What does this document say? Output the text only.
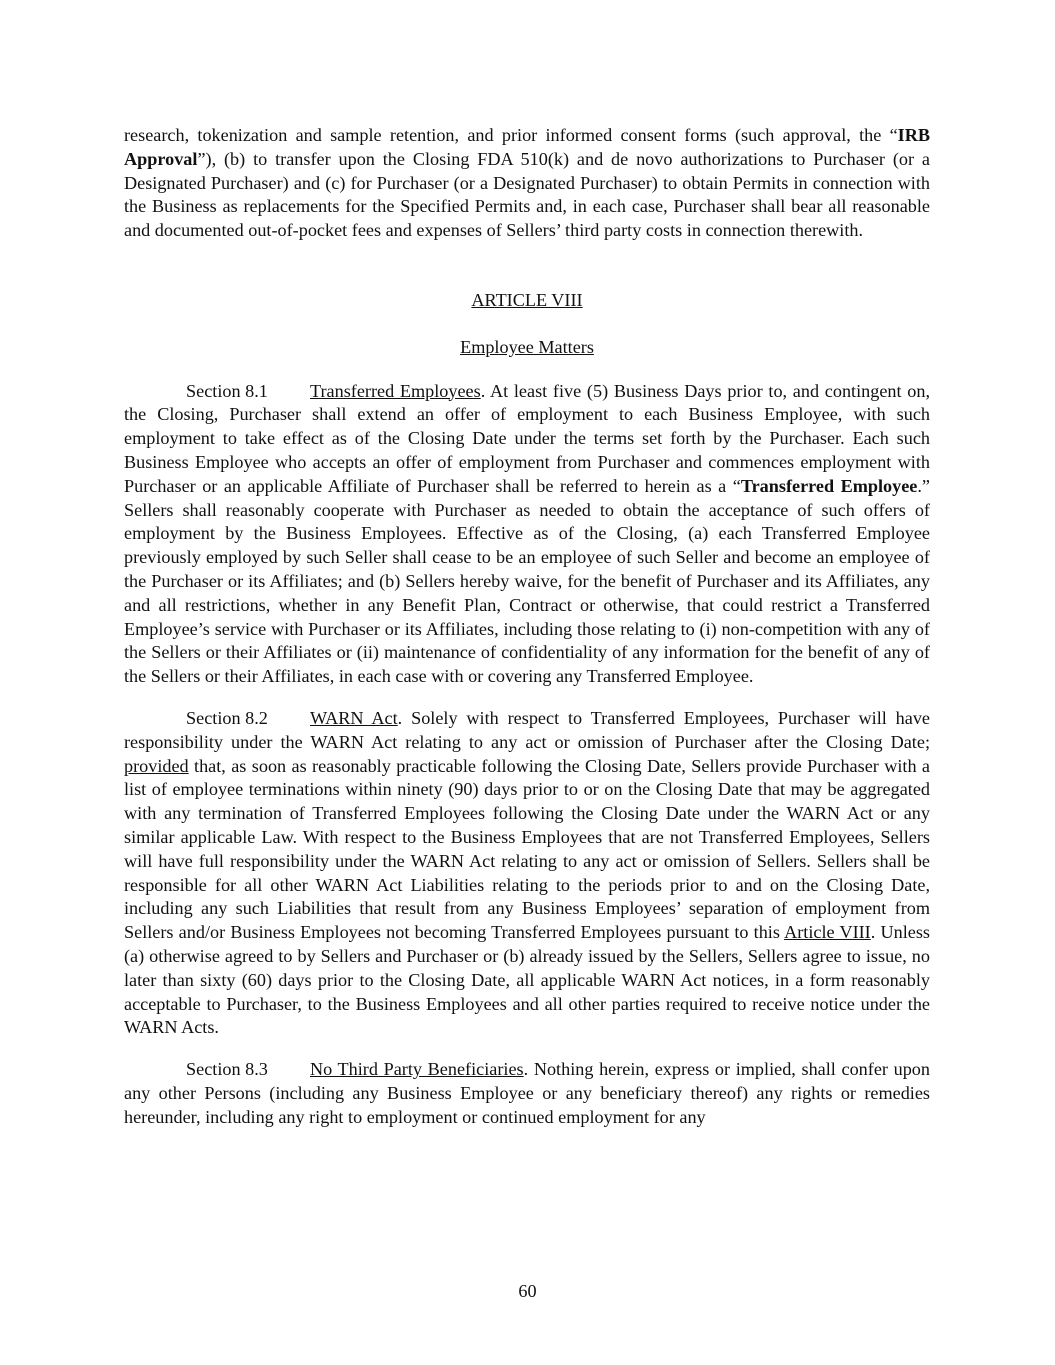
research, tokenization and sample retention, and prior informed consent forms (such approval, the “IRB Approval”), (b) to transfer upon the Closing FDA 510(k) and de novo authorizations to Purchaser (or a Designated Purchaser) and (c) for Purchaser (or a Designated Purchaser) to obtain Permits in connection with the Business as replacements for the Specified Permits and, in each case, Purchaser shall bear all reasonable and documented out-of-pocket fees and expenses of Sellers’ third party costs in connection therewith.

ARTICLE VIII

Employee Matters

Section 8.1 Transferred Employees. At least five (5) Business Days prior to, and contingent on, the Closing, Purchaser shall extend an offer of employment to each Business Employee, with such employment to take effect as of the Closing Date under the terms set forth by the Purchaser. Each such Business Employee who accepts an offer of employment from Purchaser and commences employment with Purchaser or an applicable Affiliate of Purchaser shall be referred to herein as a “Transferred Employee.” Sellers shall reasonably cooperate with Purchaser as needed to obtain the acceptance of such offers of employment by the Business Employees. Effective as of the Closing, (a) each Transferred Employee previously employed by such Seller shall cease to be an employee of such Seller and become an employee of the Purchaser or its Affiliates; and (b) Sellers hereby waive, for the benefit of Purchaser and its Affiliates, any and all restrictions, whether in any Benefit Plan, Contract or otherwise, that could restrict a Transferred Employee’s service with Purchaser or its Affiliates, including those relating to (i) non-competition with any of the Sellers or their Affiliates or (ii) maintenance of confidentiality of any information for the benefit of any of the Sellers or their Affiliates, in each case with or covering any Transferred Employee.

Section 8.2 WARN Act. Solely with respect to Transferred Employees, Purchaser will have responsibility under the WARN Act relating to any act or omission of Purchaser after the Closing Date; provided that, as soon as reasonably practicable following the Closing Date, Sellers provide Purchaser with a list of employee terminations within ninety (90) days prior to or on the Closing Date that may be aggregated with any termination of Transferred Employees following the Closing Date under the WARN Act or any similar applicable Law. With respect to the Business Employees that are not Transferred Employees, Sellers will have full responsibility under the WARN Act relating to any act or omission of Sellers. Sellers shall be responsible for all other WARN Act Liabilities relating to the periods prior to and on the Closing Date, including any such Liabilities that result from any Business Employees’ separation of employment from Sellers and/or Business Employees not becoming Transferred Employees pursuant to this Article VIII. Unless (a) otherwise agreed to by Sellers and Purchaser or (b) already issued by the Sellers, Sellers agree to issue, no later than sixty (60) days prior to the Closing Date, all applicable WARN Act notices, in a form reasonably acceptable to Purchaser, to the Business Employees and all other parties required to receive notice under the WARN Acts.

Section 8.3 No Third Party Beneficiaries. Nothing herein, express or implied, shall confer upon any other Persons (including any Business Employee or any beneficiary thereof) any rights or remedies hereunder, including any right to employment or continued employment for any

60
